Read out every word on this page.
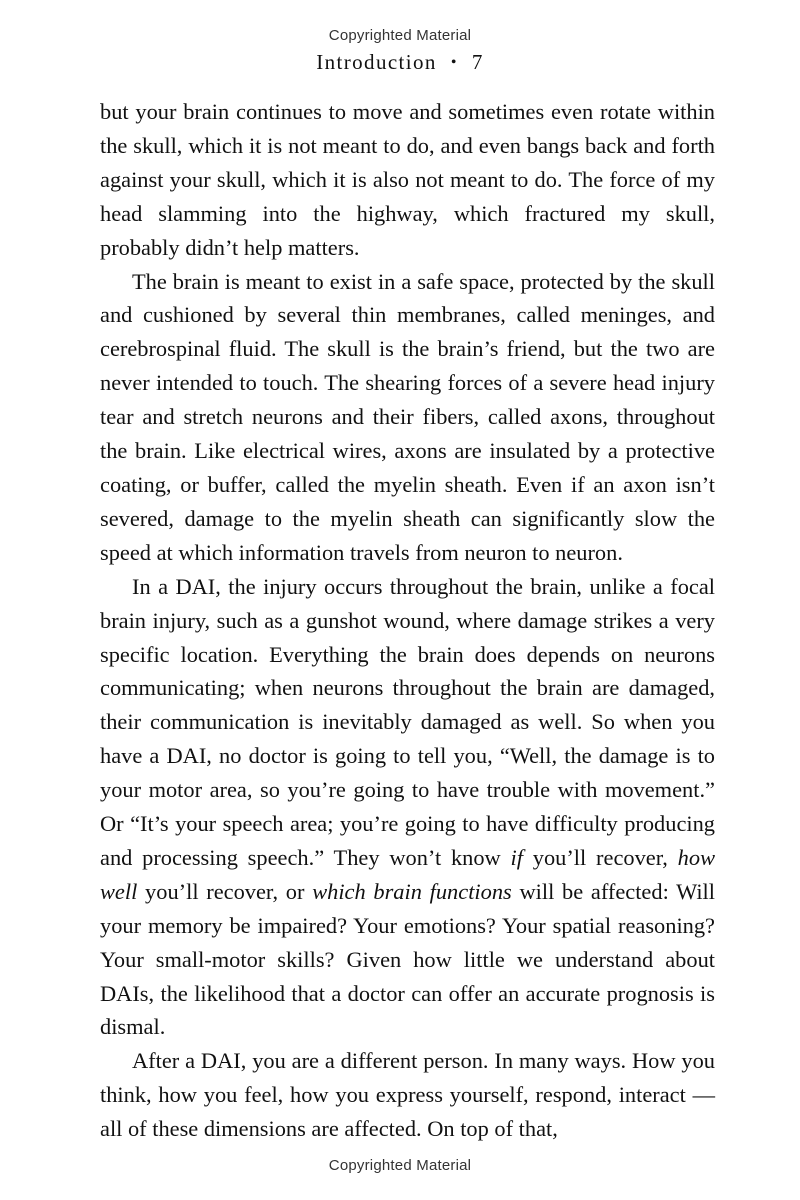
Copyrighted Material
Introduction • 7

but your brain continues to move and sometimes even rotate within the skull, which it is not meant to do, and even bangs back and forth against your skull, which it is also not meant to do. The force of my head slamming into the highway, which fractured my skull, probably didn’t help matters.

The brain is meant to exist in a safe space, protected by the skull and cushioned by several thin membranes, called meninges, and cerebrospinal fluid. The skull is the brain’s friend, but the two are never intended to touch. The shearing forces of a severe head injury tear and stretch neurons and their fibers, called axons, throughout the brain. Like electrical wires, axons are insulated by a protective coating, or buffer, called the myelin sheath. Even if an axon isn’t severed, damage to the myelin sheath can significantly slow the speed at which information travels from neuron to neuron.

In a DAI, the injury occurs throughout the brain, unlike a focal brain injury, such as a gunshot wound, where damage strikes a very specific location. Everything the brain does depends on neurons communicating; when neurons throughout the brain are damaged, their communication is inevitably damaged as well. So when you have a DAI, no doctor is going to tell you, “Well, the damage is to your motor area, so you’re going to have trouble with movement.” Or “It’s your speech area; you’re going to have difficulty producing and processing speech.” They won’t know if you’ll recover, how well you’ll recover, or which brain functions will be affected: Will your memory be impaired? Your emotions? Your spatial reasoning? Your small-motor skills? Given how little we understand about DAIs, the likelihood that a doctor can offer an accurate prognosis is dismal.

After a DAI, you are a different person. In many ways. How you think, how you feel, how you express yourself, respond, interact — all of these dimensions are affected. On top of that,

Copyrighted Material
